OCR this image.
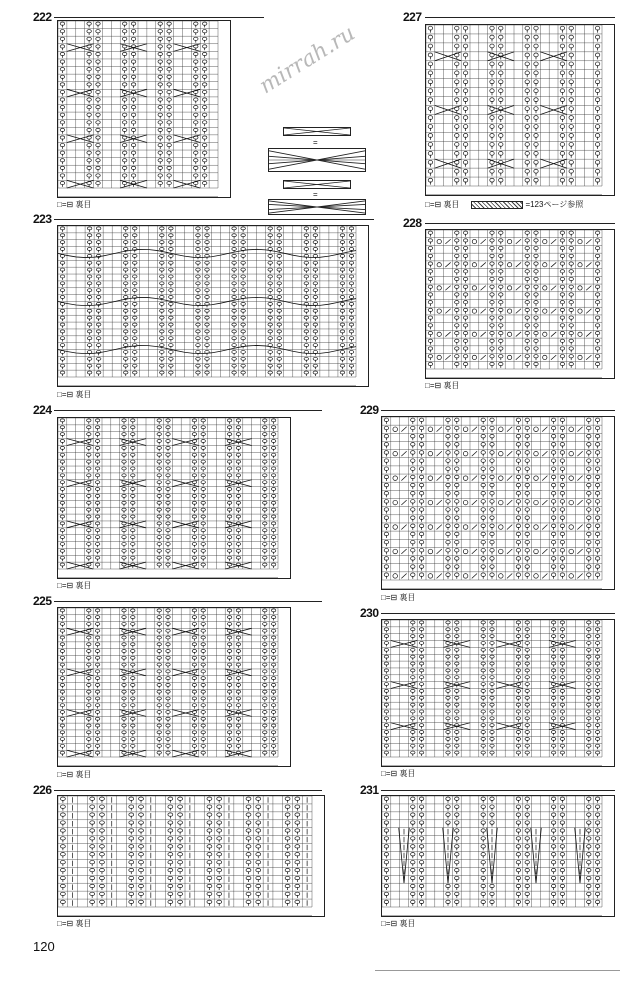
222	227
223	228
224	229
225
230
226	231
=
=
mirrah.ru
□=⊟ 裏目	□=⊟ 裏目	=123ページ参照
□=⊟ 裏目
□=⊟ 裏目
□=⊟ 裏目
□=⊟ 裏目
□=⊟ 裏目	□=⊟ 裏目
□=⊟ 裏目	□=⊟ 裏目
120
